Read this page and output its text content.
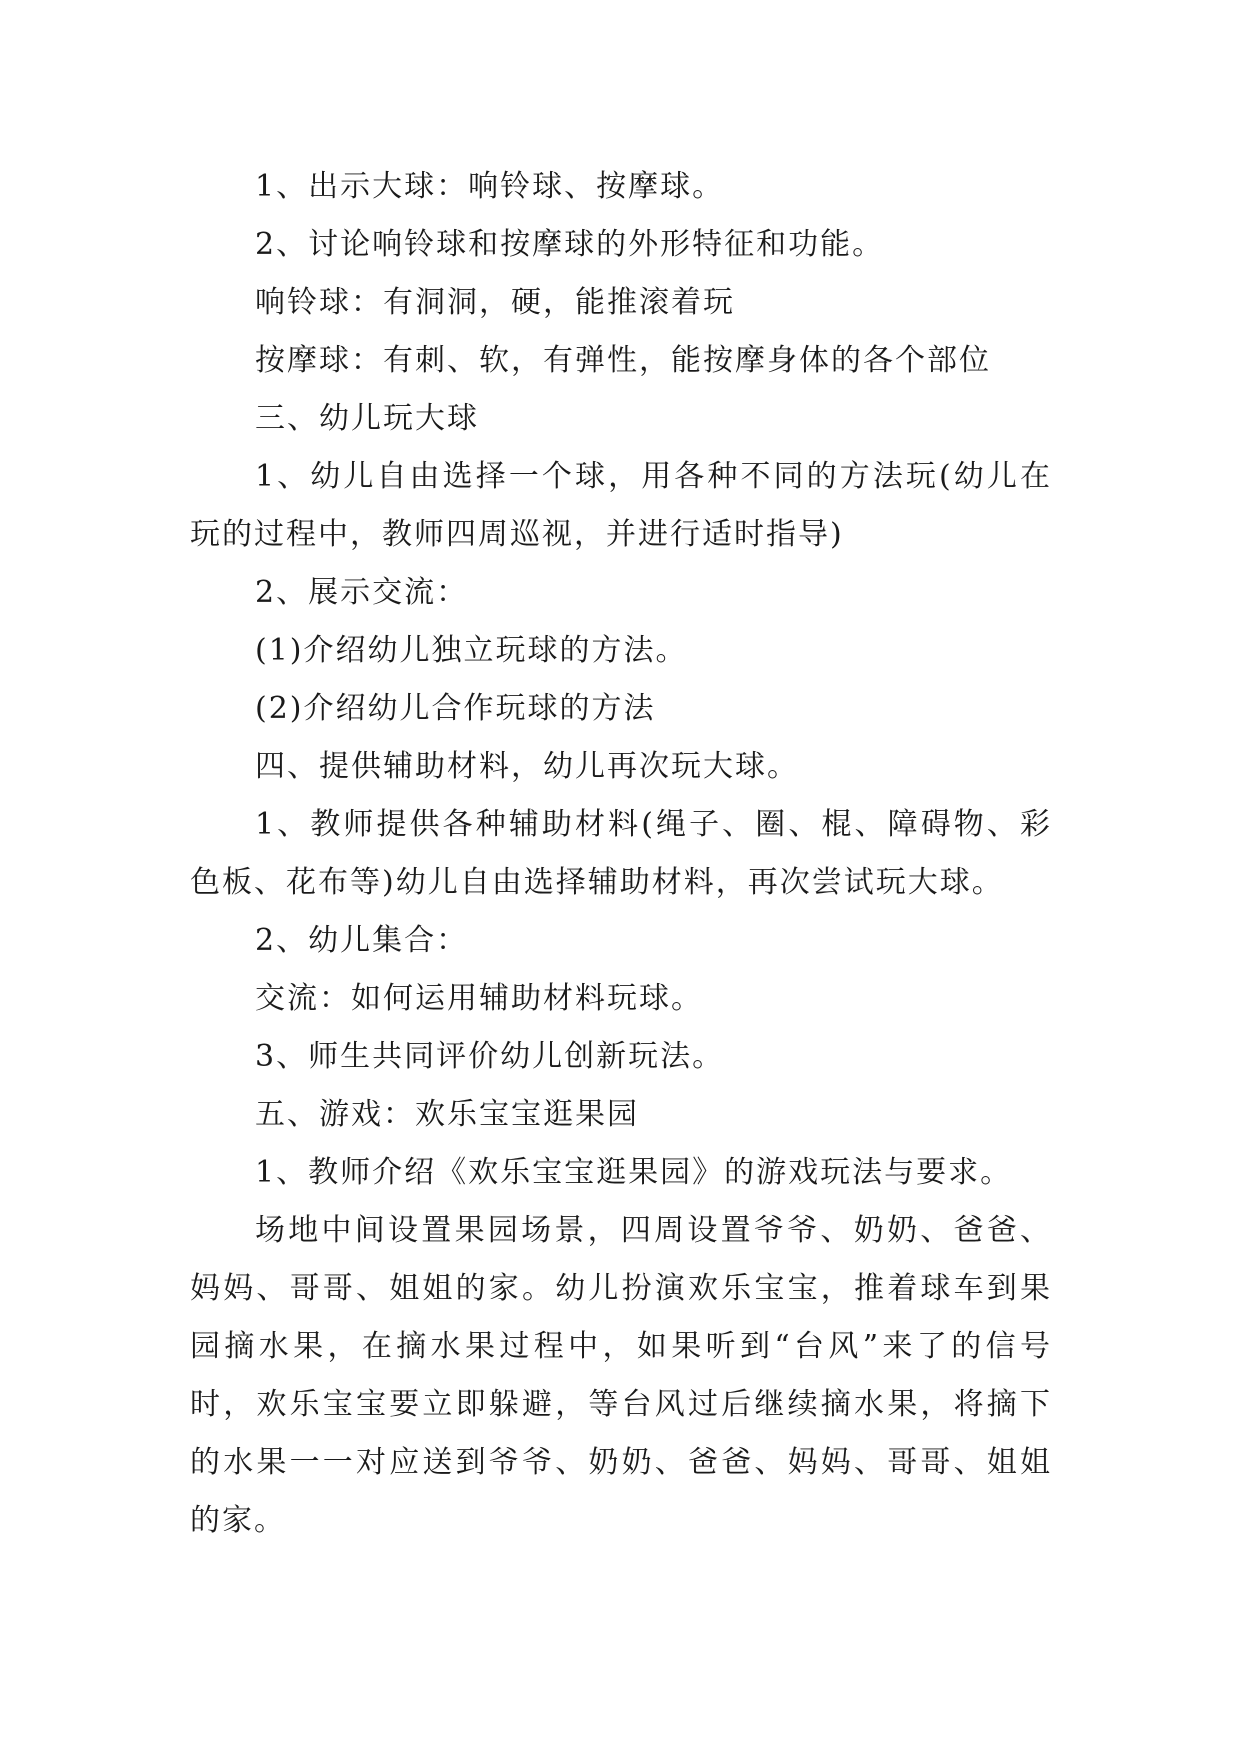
1、出示大球：响铃球、按摩球。

2、讨论响铃球和按摩球的外形特征和功能。

响铃球：有洞洞，硬，能推滚着玩

按摩球：有刺、软，有弹性，能按摩身体的各个部位

三、幼儿玩大球

1、幼儿自由选择一个球，用各种不同的方法玩(幼儿在玩的过程中，教师四周巡视，并进行适时指导)

2、展示交流：

(1)介绍幼儿独立玩球的方法。

(2)介绍幼儿合作玩球的方法

四、提供辅助材料，幼儿再次玩大球。

1、教师提供各种辅助材料(绳子、圈、棍、障碍物、彩色板、花布等)幼儿自由选择辅助材料，再次尝试玩大球。

2、幼儿集合：

交流：如何运用辅助材料玩球。

3、师生共同评价幼儿创新玩法。

五、游戏：欢乐宝宝逛果园

1、教师介绍《欢乐宝宝逛果园》的游戏玩法与要求。

场地中间设置果园场景，四周设置爷爷、奶奶、爸爸、妈妈、哥哥、姐姐的家。幼儿扮演欢乐宝宝，推着球车到果园摘水果，在摘水果过程中，如果听到“台风”来了的信号时，欢乐宝宝要立即躲避，等台风过后继续摘水果，将摘下的水果一一对应送到爷爷、奶奶、爸爸、妈妈、哥哥、姐姐的家。
